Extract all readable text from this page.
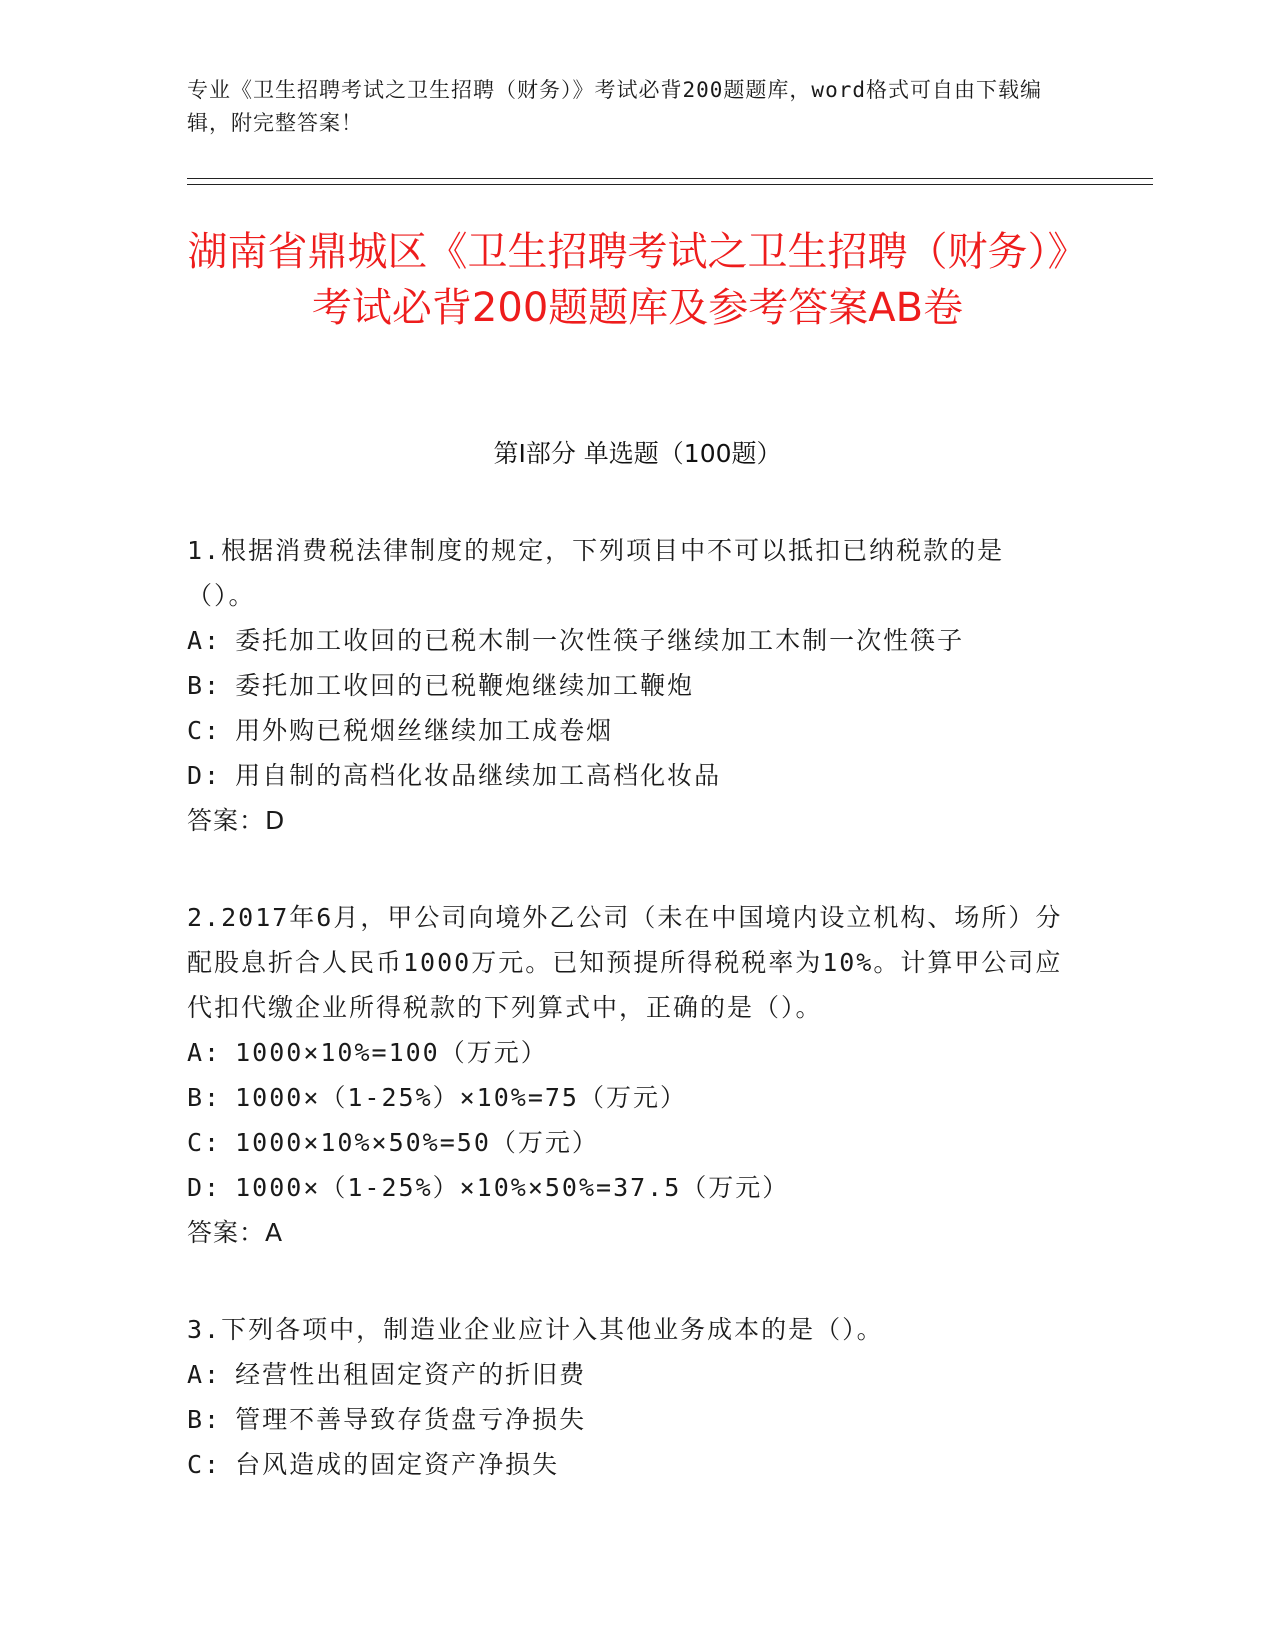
专业《卫生招聘考试之卫生招聘（财务）》考试必背200题题库，word格式可自由下载编辑，附完整答案！
湖南省鼎城区《卫生招聘考试之卫生招聘（财务）》考试必背200题题库及参考答案AB卷
第Ⅰ部分 单选题（100题）

1.根据消费税法律制度的规定，下列项目中不可以抵扣已纳税款的是（）。

A: 委托加工收回的已税木制一次性筷子继续加工木制一次性筷子

B: 委托加工收回的已税鞭炮继续加工鞭炮

C: 用外购已税烟丝继续加工成卷烟

D: 用自制的高档化妆品继续加工高档化妆品

答案：D

2.2017年6月，甲公司向境外乙公司（未在中国境内设立机构、场所）分配股息折合人民币1000万元。已知预提所得税税率为10%。计算甲公司应代扣代缴企业所得税款的下列算式中，正确的是（）。

A: 1000×10%=100（万元）

B: 1000×（1-25%）×10%=75（万元）

C: 1000×10%×50%=50（万元）

D: 1000×（1-25%）×10%×50%=37.5（万元）

答案：A

3.下列各项中，制造业企业应计入其他业务成本的是（）。

A: 经营性出租固定资产的折旧费

B: 管理不善导致存货盘亏净损失

C: 台风造成的固定资产净损失
